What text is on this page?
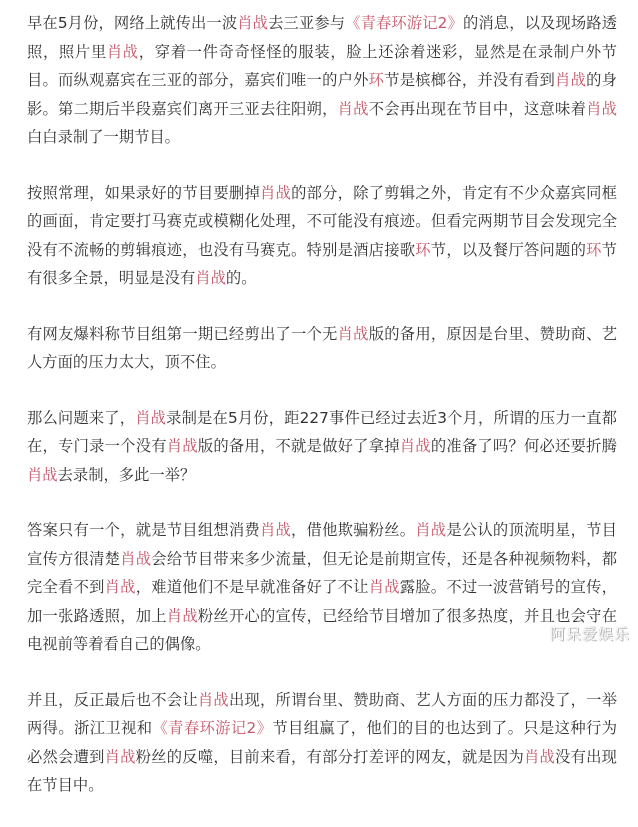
早在5月份，网络上就传出一波肖战去三亚参与《青春环游记2》的消息，以及现场路透照，照片里肖战，穿着一件奇奇怪怪的服装，脸上还涂着迷彩，显然是在录制户外节目。而纵观嘉宾在三亚的部分，嘉宾们唯一的户外环节是槟榔谷，并没有看到肖战的身影。第二期后半段嘉宾们离开三亚去往阳朔，肖战不会再出现在节目中，这意味着肖战白白录制了一期节目。

按照常理，如果录好的节目要删掉肖战的部分，除了剪辑之外，肯定有不少众嘉宾同框的画面，肯定要打马赛克或模糊化处理，不可能没有痕迹。但看完两期节目会发现完全没有不流畅的剪辑痕迹，也没有马赛克。特别是酒店接歌环节，以及餐厅答问题的环节有很多全景，明显是没有肖战的。

有网友爆料称节目组第一期已经剪出了一个无肖战版的备用，原因是台里、赞助商、艺人方面的压力太大，顶不住。

那么问题来了，肖战录制是在5月份，距227事件已经过去近3个月，所谓的压力一直都在，专门录一个没有肖战版的备用，不就是做好了拿掉肖战的准备了吗？何必还要折腾肖战去录制，多此一举？

答案只有一个，就是节目组想消费肖战，借他欺骗粉丝。肖战是公认的顶流明星，节目宣传方很清楚肖战会给节目带来多少流量，但无论是前期宣传，还是各种视频物料，都完全看不到肖战，难道他们不是早就准备好了不让肖战露脸。不过一波营销号的宣传，加一张路透照，加上肖战粉丝开心的宣传，已经给节目增加了很多热度，并且也会守在电视前等着看自己的偶像。

并且，反正最后也不会让肖战出现，所谓台里、赞助商、艺人方面的压力都没了，一举两得。浙江卫视和《青春环游记2》节目组赢了，他们的目的也达到了。只是这种行为必然会遭到肖战粉丝的反噬，目前来看，有部分打差评的网友，就是因为肖战没有出现在节目中。

阿呆爱娱乐
